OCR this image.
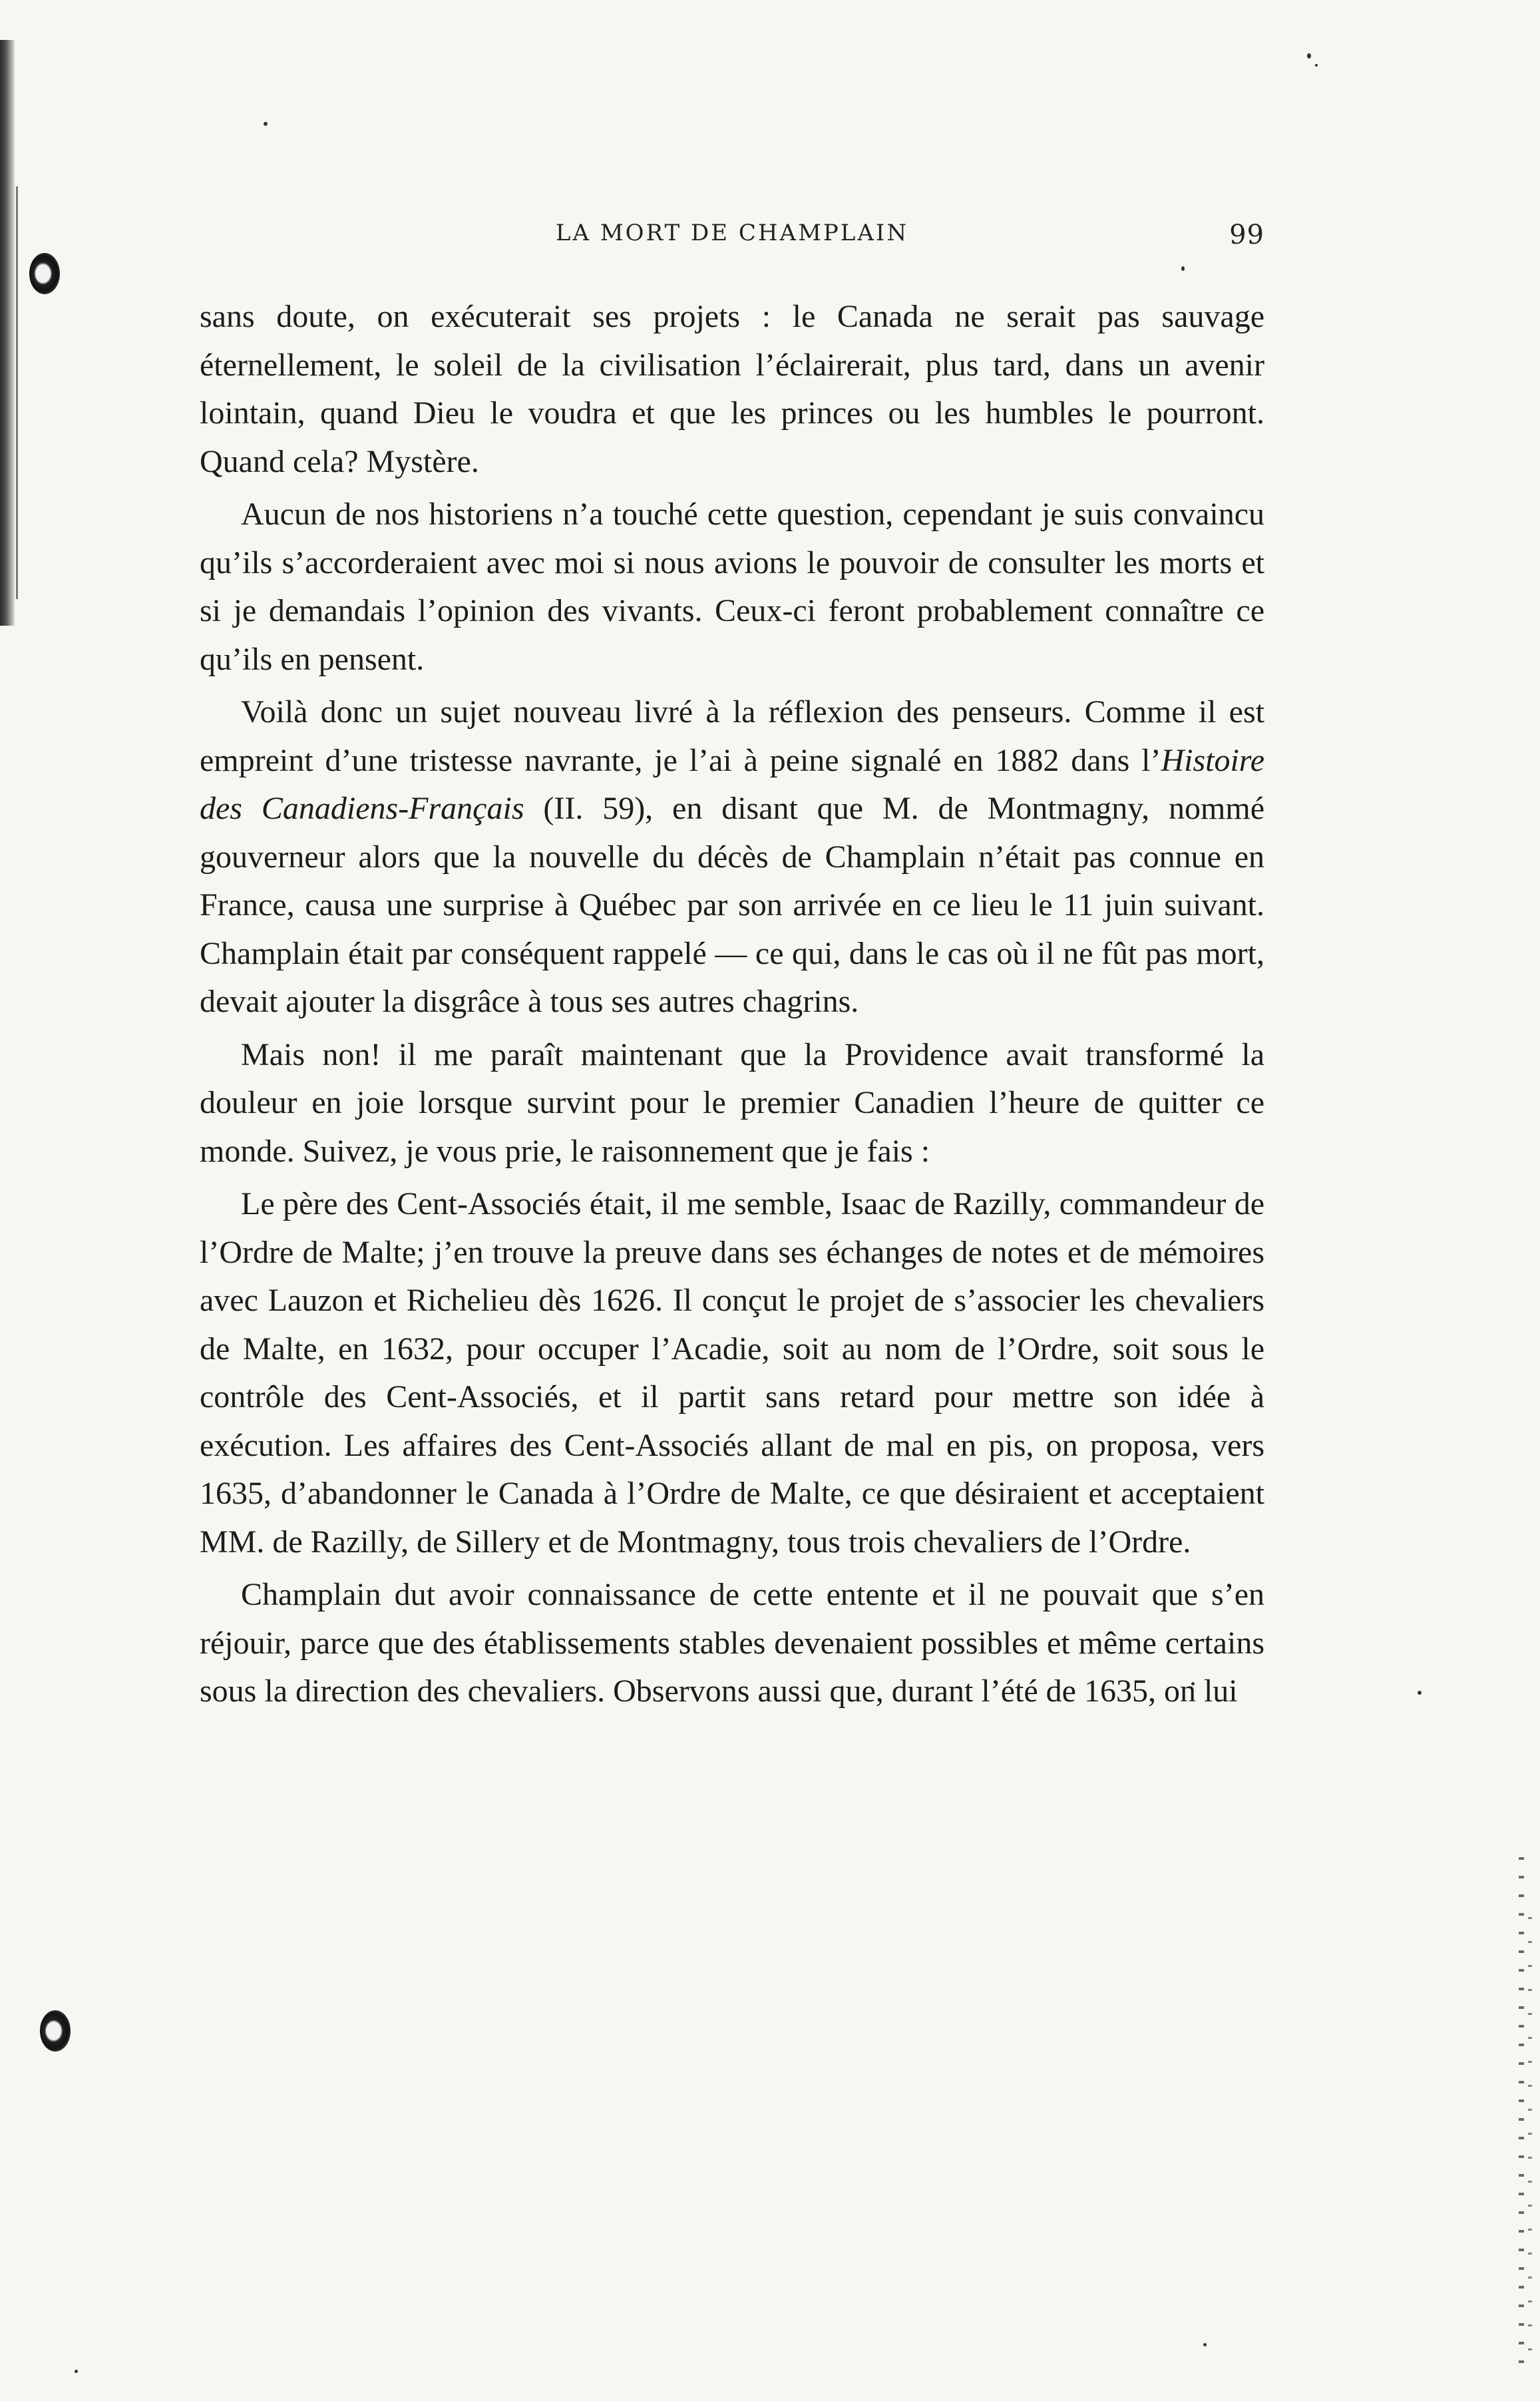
LA MORT DE CHAMPLAIN	99

sans doute, on exécuterait ses projets : le Canada ne serait pas sauvage éternellement, le soleil de la civilisation l’éclairerait, plus tard, dans un avenir lointain, quand Dieu le voudra et que les princes ou les humbles le pourront. Quand cela? Mystère.

Aucun de nos historiens n’a touché cette question, cependant je suis convaincu qu’ils s’accorderaient avec moi si nous avions le pouvoir de consulter les morts et si je demandais l’opinion des vivants. Ceux-ci feront probablement connaître ce qu’ils en pensent.

Voilà donc un sujet nouveau livré à la réflexion des penseurs. Comme il est empreint d’une tristesse navrante, je l’ai à peine signalé en 1882 dans l’Histoire des Canadiens-Français (II. 59), en disant que M. de Montmagny, nommé gouverneur alors que la nouvelle du décès de Champlain n’était pas connue en France, causa une surprise à Québec par son arrivée en ce lieu le 11 juin suivant. Champlain était par conséquent rappelé — ce qui, dans le cas où il ne fût pas mort, devait ajouter la disgrâce à tous ses autres chagrins.

Mais non! il me paraît maintenant que la Providence avait transformé la douleur en joie lorsque survint pour le premier Canadien l’heure de quitter ce monde. Suivez, je vous prie, le raisonnement que je fais :

Le père des Cent-Associés était, il me semble, Isaac de Razilly, commandeur de l’Ordre de Malte; j’en trouve la preuve dans ses échanges de notes et de mémoires avec Lauzon et Richelieu dès 1626. Il conçut le projet de s’associer les chevaliers de Malte, en 1632, pour occuper l’Acadie, soit au nom de l’Ordre, soit sous le contrôle des Cent-Associés, et il partit sans retard pour mettre son idée à exécution. Les affaires des Cent-Associés allant de mal en pis, on proposa, vers 1635, d’abandonner le Canada à l’Ordre de Malte, ce que désiraient et acceptaient MM. de Razilly, de Sillery et de Montmagny, tous trois chevaliers de l’Ordre.

Champlain dut avoir connaissance de cette entente et il ne pouvait que s’en réjouir, parce que des établissements stables devenaient possibles et même certains sous la direction des chevaliers. Observons aussi que, durant l’été de 1635, on lui
